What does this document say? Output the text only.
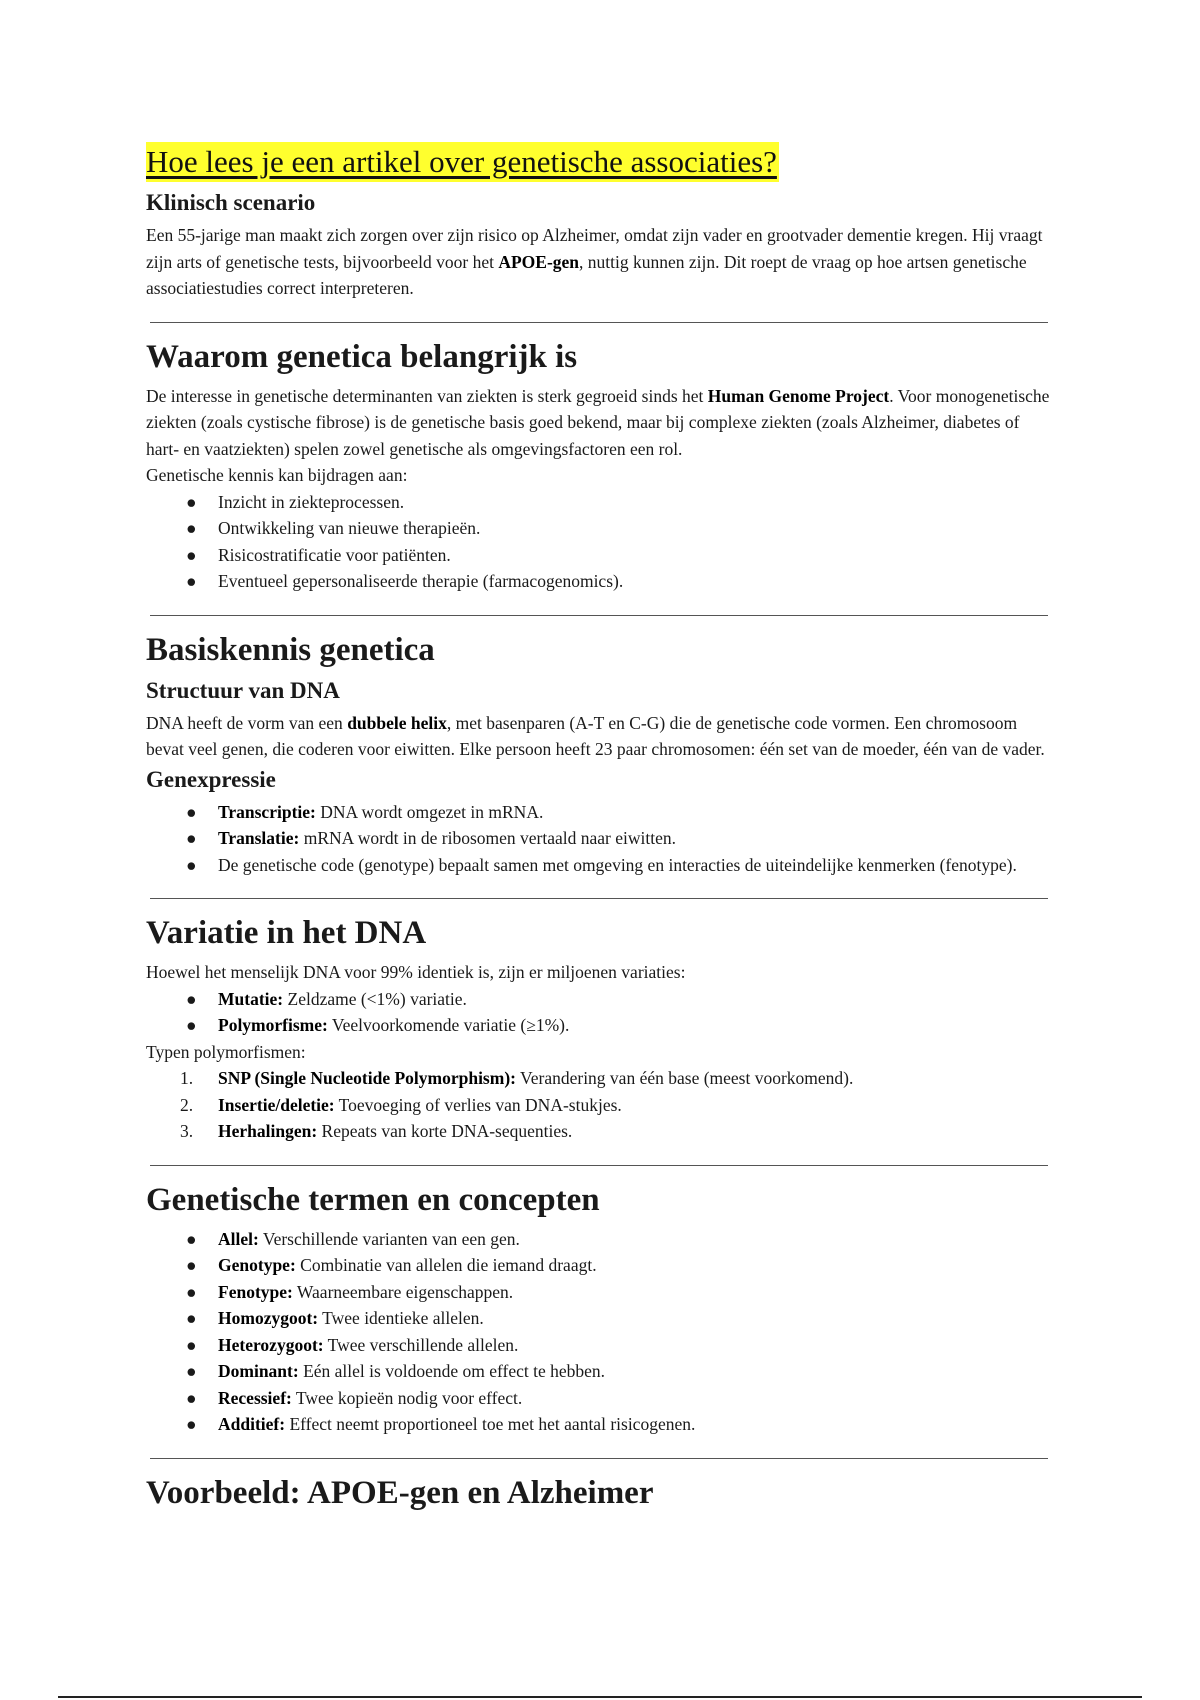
Hoe lees je een artikel over genetische associaties?
Klinisch scenario

Een 55-jarige man maakt zich zorgen over zijn risico op Alzheimer, omdat zijn vader en grootvader dementie kregen. Hij vraagt zijn arts of genetische tests, bijvoorbeeld voor het APOE-gen, nuttig kunnen zijn. Dit roept de vraag op hoe artsen genetische associatiestudies correct interpreteren.

Waarom genetica belangrijk is

De interesse in genetische determinanten van ziekten is sterk gegroeid sinds het Human Genome Project. Voor monogenetische ziekten (zoals cystische fibrose) is de genetische basis goed bekend, maar bij complexe ziekten (zoals Alzheimer, diabetes of hart- en vaatziekten) spelen zowel genetische als omgevingsfactoren een rol.

Genetische kennis kan bijdragen aan:

● Inzicht in ziekteprocessen.
● Ontwikkeling van nieuwe therapieën.
● Risicostratificatie voor patiënten.
● Eventueel gepersonaliseerde therapie (farmacogenomics).
Basiskennis genetica
Structuur van DNA

DNA heeft de vorm van een dubbele helix, met basenparen (A-T en C-G) die de genetische code vormen. Een chromosoom bevat veel genen, die coderen voor eiwitten. Elke persoon heeft 23 paar chromosomen: één set van de moeder, één van de vader.

Genexpressie
● Transcriptie: DNA wordt omgezet in mRNA.
● Translatie: mRNA wordt in de ribosomen vertaald naar eiwitten.
● De genetische code (genotype) bepaalt samen met omgeving en interacties de uiteindelijke kenmerken (fenotype).
Variatie in het DNA

Hoewel het menselijk DNA voor 99% identiek is, zijn er miljoenen variaties:

● Mutatie: Zeldzame (<1%) variatie.
● Polymorfisme: Veelvoorkomende variatie (≥1%).

Typen polymorfismen:

1. SNP (Single Nucleotide Polymorphism): Verandering van één base (meest voorkomend).
2. Insertie/deletie: Toevoeging of verlies van DNA-stukjes.
3. Herhalingen: Repeats van korte DNA-sequenties.
Genetische termen en concepten
● Allel: Verschillende varianten van een gen.
● Genotype: Combinatie van allelen die iemand draagt.
● Fenotype: Waarneembare eigenschappen.
● Homozygoot: Twee identieke allelen.
● Heterozygoot: Twee verschillende allelen.
● Dominant: Eén allel is voldoende om effect te hebben.
● Recessief: Twee kopieën nodig voor effect.
● Additief: Effect neemt proportioneel toe met het aantal risicogenen.
Voorbeeld: APOE-gen en Alzheimer
